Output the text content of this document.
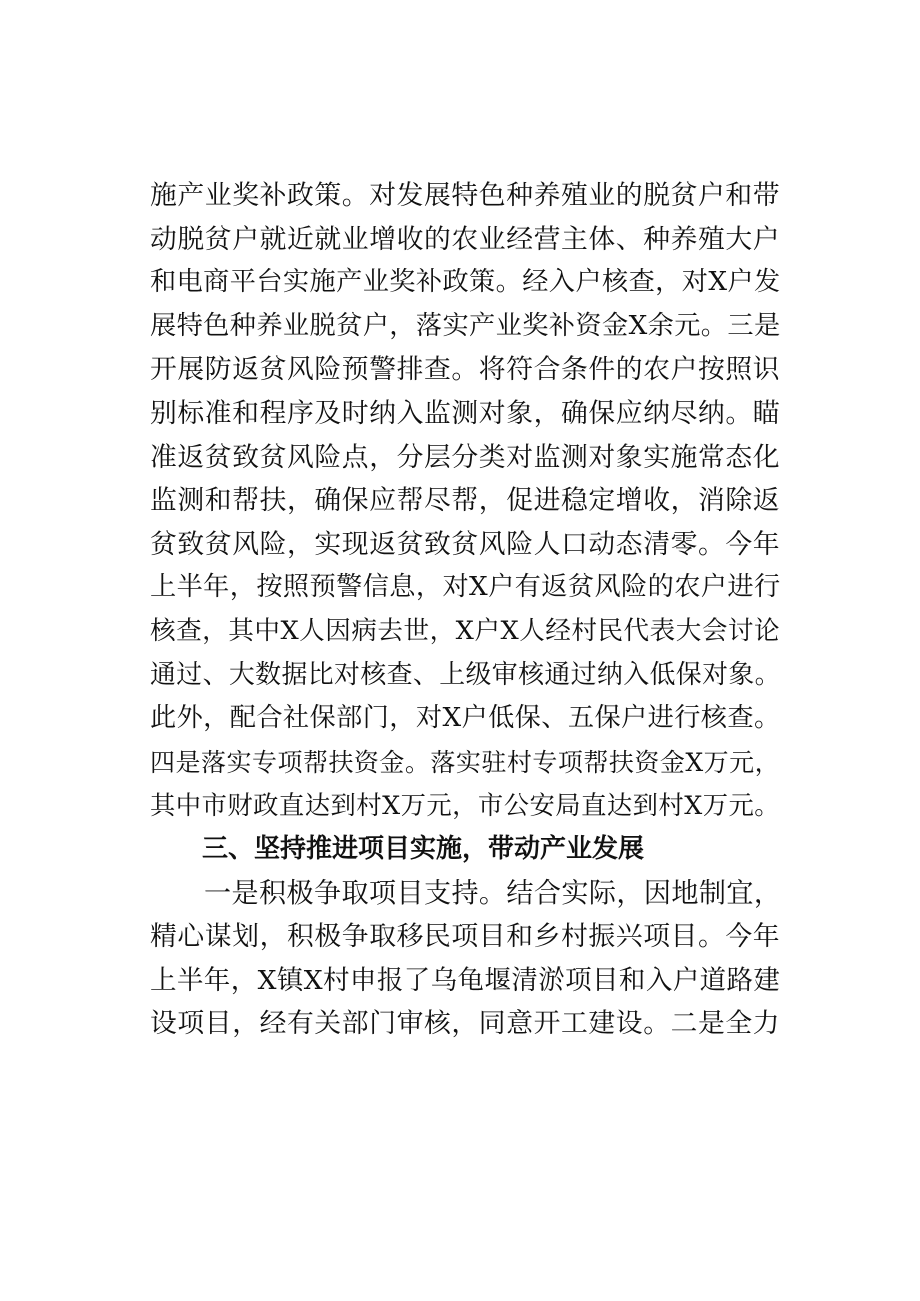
施产业奖补政策。对发展特色种养殖业的脱贫户和带
动脱贫户就近就业增收的农业经营主体、种养殖大户
和电商平台实施产业奖补政策。经入户核查，对X户发
展特色种养业脱贫户，落实产业奖补资金X余元。三是
开展防返贫风险预警排查。将符合条件的农户按照识
别标准和程序及时纳入监测对象，确保应纳尽纳。瞄
准返贫致贫风险点，分层分类对监测对象实施常态化
监测和帮扶，确保应帮尽帮，促进稳定增收，消除返
贫致贫风险，实现返贫致贫风险人口动态清零。今年
上半年，按照预警信息，对X户有返贫风险的农户进行
核查，其中X人因病去世，X户X人经村民代表大会讨论
通过、大数据比对核查、上级审核通过纳入低保对象。
此外，配合社保部门，对X户低保、五保户进行核查。
四是落实专项帮扶资金。落实驻村专项帮扶资金X万元，
其中市财政直达到村X万元，市公安局直达到村X万元。
三、坚持推进项目实施，带动产业发展
一是积极争取项目支持。结合实际，因地制宜，
精心谋划，积极争取移民项目和乡村振兴项目。今年
上半年，X镇X村申报了乌龟堰清淤项目和入户道路建
设项目，经有关部门审核，同意开工建设。二是全力
